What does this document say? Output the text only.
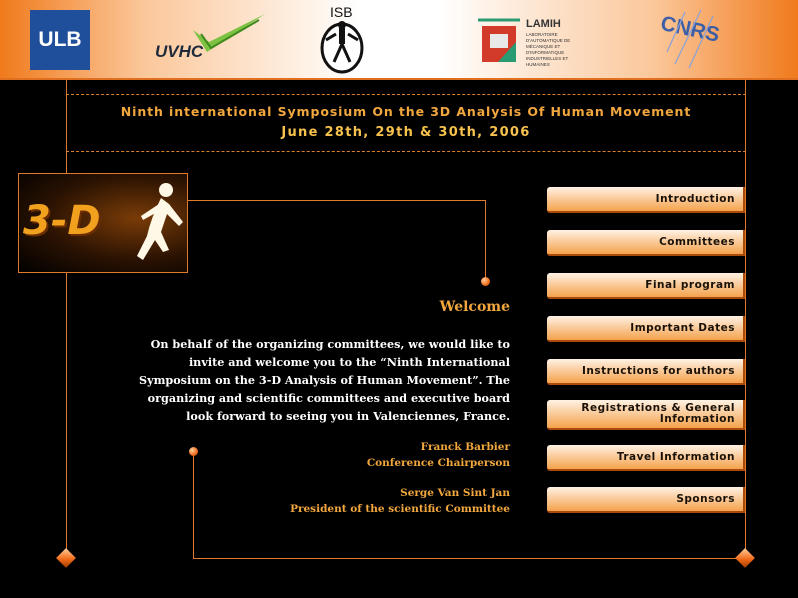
ULB
UVHC
ISB
LAMIH
LABORATOIRE D'AUTOMATIQUE DE MÉCANIQUE ET D'INFORMATIQUE INDUSTRIELLES ET HUMAINES
CNRS
Ninth international Symposium On the 3D Analysis Of Human Movement
June 28th, 29th & 30th, 2006
3-D
Welcome

On behalf of the organizing committees, we would like to invite and welcome you to the “Ninth International Symposium on the 3-D Analysis of Human Movement”. The organizing and scientific committees and executive board look forward to seeing you in Valenciennes, France.

Franck Barbier
Conference Chairperson
Serge Van Sint Jan
President of the scientific Committee
Introduction
Committees
Final program
Important Dates
Instructions for authors
Registrations & General Information
Travel Information
Sponsors
